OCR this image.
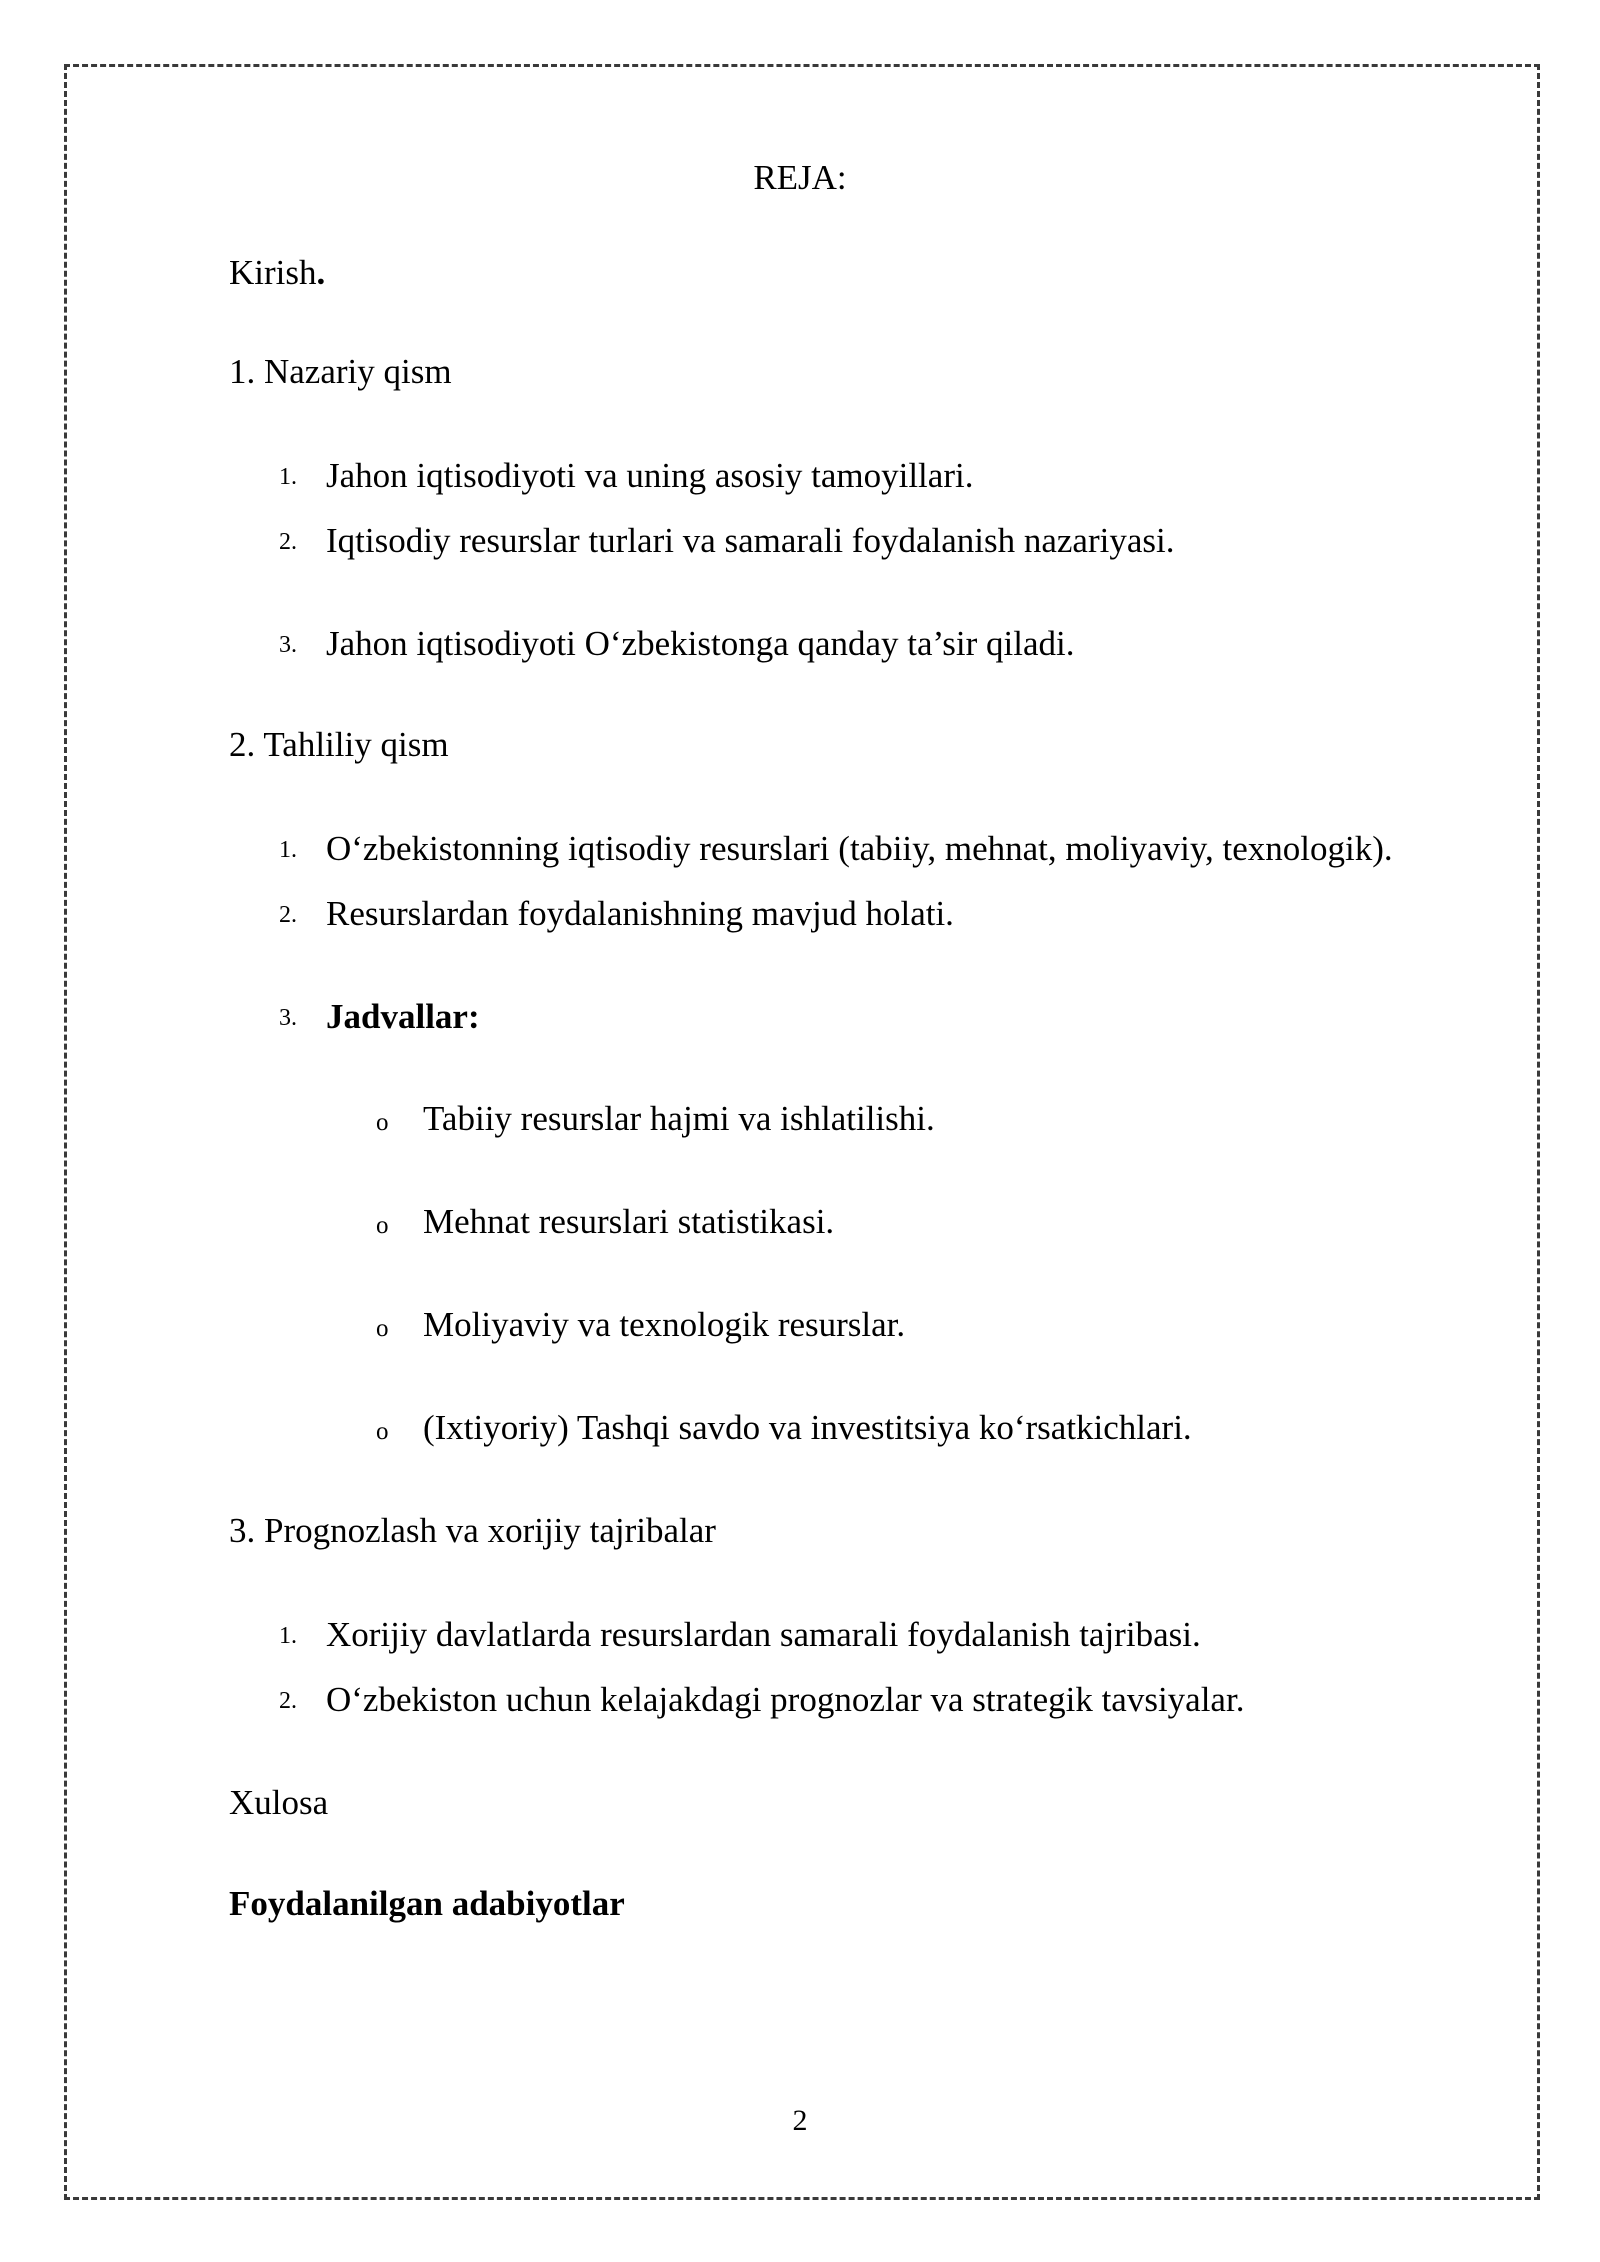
REJA:
Kirish.
1. Nazariy qism
1. Jahon iqtisodiyoti va uning asosiy tamoyillari.
2. Iqtisodiy resurslar turlari va samarali foydalanish nazariyasi.
3. Jahon iqtisodiyoti O‘zbekistonga qanday ta’sir qiladi.
2. Tahliliy qism
1. O‘zbekistonning iqtisodiy resurslari (tabiiy, mehnat, moliyaviy, texnologik).
2. Resurslardan foydalanishning mavjud holati.
3. Jadvallar:
o Tabiiy resurslar hajmi va ishlatilishi.
o Mehnat resurslari statistikasi.
o Moliyaviy va texnologik resurslar.
o (Ixtiyoriy) Tashqi savdo va investitsiya ko‘rsatkichlari.
3. Prognozlash va xorijiy tajribalar
1. Xorijiy davlatlarda resurslardan samarali foydalanish tajribasi.
2. O‘zbekiston uchun kelajakdagi prognozlar va strategik tavsiyalar.
Xulosa
Foydalanilgan adabiyotlar
2
